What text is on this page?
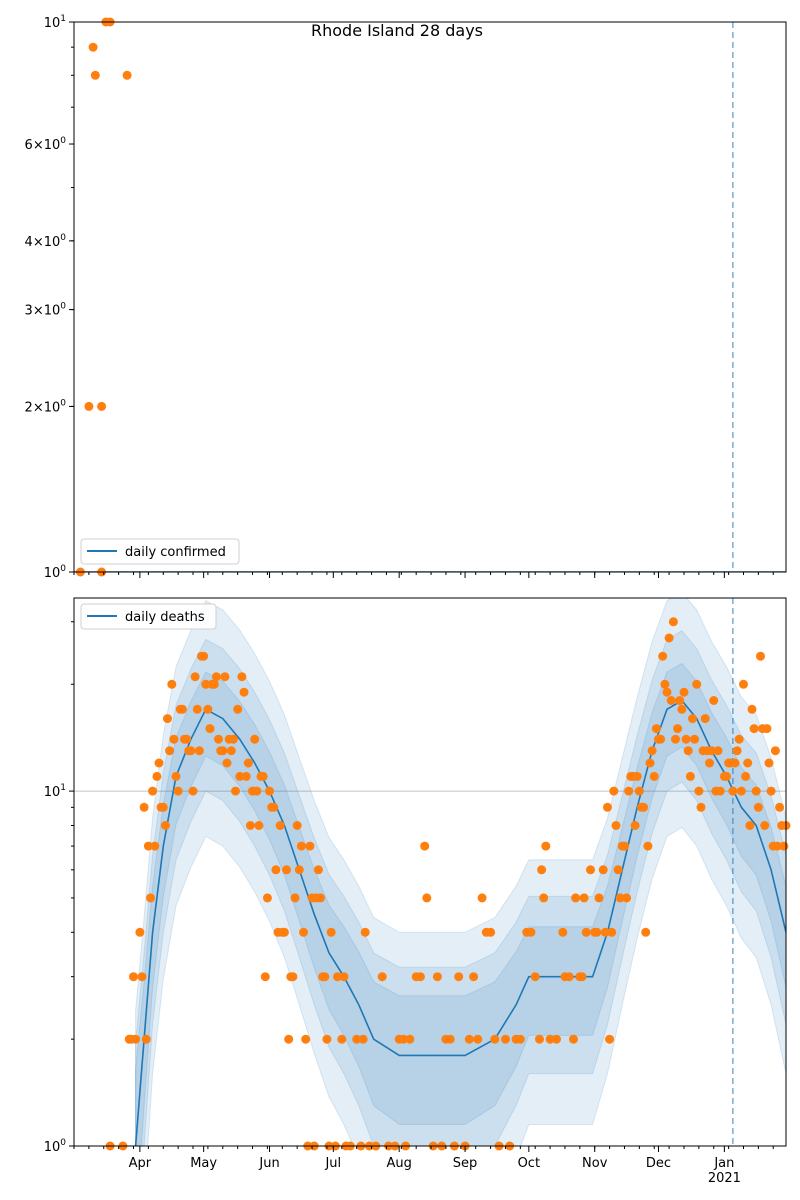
Rhode Island 28 days
$10^0$
$2\times 10^0$
$3\times 10^0$
$4\times 10^0$
$6\times 10^0$
$10^1$
daily confirmed
$10^0$
$10^1$
Apr	May	Jun	Jul	Aug	Sep	Oct	Nov	Dec	Jan
2021
daily deaths
